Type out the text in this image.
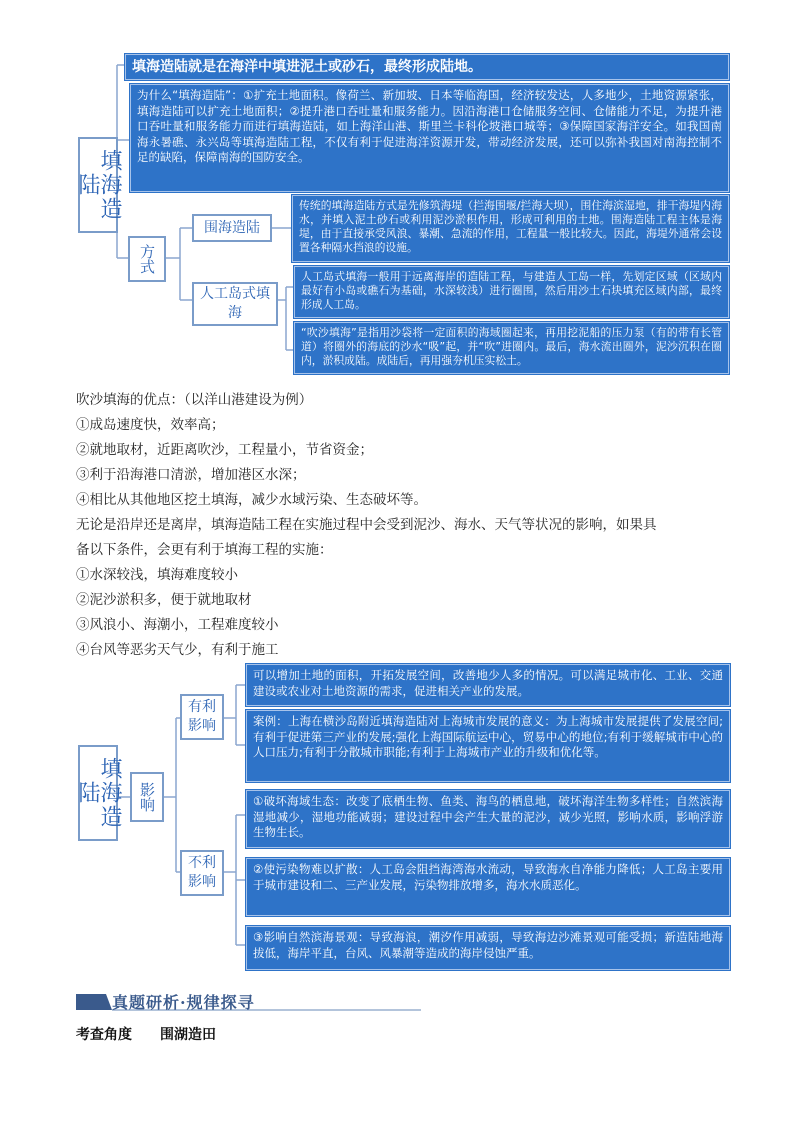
填海造陆
填海造陆就是在海洋中填进泥土或砂石，最终形成陆地。
为什么“填海造陆”：①扩充土地面积。像荷兰、新加坡、日本等临海国，经济较发达，人多地少，土地资源紧张，填海造陆可以扩充土地面积；②提升港口吞吐量和服务能力。因沿海港口仓储服务空间、仓储能力不足，为提升港口吞吐量和服务能力而进行填海造陆，如上海洋山港、斯里兰卡科伦坡港口城等；③保障国家海洋安全。如我国南海永暑礁、永兴岛等填海造陆工程，不仅有利于促进海洋资源开发，带动经济发展，还可以弥补我国对南海控制不足的缺陷，保障南海的国防安全。
方式
围海造陆
传统的填海造陆方式是先修筑海堤（拦海围堰/拦海大坝），围住海滨湿地，排干海堤内海水，并填入泥土砂石或利用泥沙淤积作用，形成可利用的土地。围海造陆工程主体是海堤，由于直接承受风浪、暴潮、急流的作用，工程量一般比较大。因此，海堤外通常会设置各种隔水挡浪的设施。
人工岛式填海
人工岛式填海一般用于远离海岸的造陆工程，与建造人工岛一样，先划定区域（区域内最好有小岛或礁石为基础，水深较浅）进行圈围，然后用沙土石块填充区域内部，最终形成人工岛。
“吹沙填海”是指用沙袋将一定面积的海域圈起来，再用挖泥船的压力泵（有的带有长管道）将圈外的海底的沙水“吸”起，并“吹”进圈内。最后，海水流出圈外，泥沙沉积在圈内，淤积成陆。成陆后，再用强夯机压实松土。
吹沙填海的优点：（以洋山港建设为例）
①成岛速度快，效率高；
②就地取材，近距离吹沙，工程量小，节省资金；
③利于沿海港口清淤，增加港区水深；
④相比从其他地区挖土填海，减少水域污染、生态破坏等。
无论是沿岸还是离岸，填海造陆工程在实施过程中会受到泥沙、海水、天气等状况的影响，如果具
备以下条件，会更有利于填海工程的实施：
①水深较浅，填海难度较小
②泥沙淤积多，便于就地取材
③风浪小、海潮小，工程难度较小
④台风等恶劣天气少，有利于施工
填海造陆	影响
有利影响
不利影响
可以增加土地的面积，开拓发展空间，改善地少人多的情况。可以满足城市化、工业、交通建设或农业对土地资源的需求，促进相关产业的发展。
案例：上海在横沙岛附近填海造陆对上海城市发展的意义：为上海城市发展提供了发展空间;有利于促进第三产业的发展;强化上海国际航运中心，贸易中心的地位;有利于缓解城市中心的人口压力;有利于分散城市职能;有利于上海城市产业的升级和优化等。
①破坏海域生态：改变了底栖生物、鱼类、海鸟的栖息地，破坏海洋生物多样性；自然滨海湿地减少，湿地功能减弱；建设过程中会产生大量的泥沙，减少光照，影响水质，影响浮游生物生长。
②使污染物难以扩散：人工岛会阻挡海湾海水流动，导致海水自净能力降低；人工岛主要用于城市建设和二、三产业发展，污染物排放增多，海水水质恶化。
③影响自然滨海景观：导致海浪，潮汐作用减弱，导致海边沙滩景观可能受损；新造陆地海拔低，海岸平直，台风、风暴潮等造成的海岸侵蚀严重。
真题研析·规律探寻
考查角度　　围湖造田
